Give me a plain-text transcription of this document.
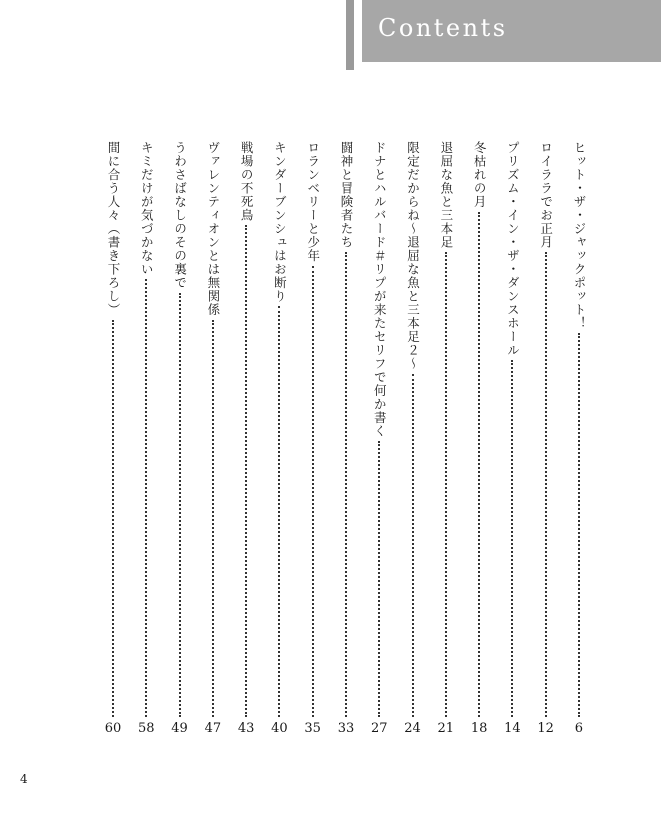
Contents
ヒット・ザ・ジャックポット！
6
ロイララでお正月
12
プリズム・イン・ザ・ダンスホール
14
冬枯れの月
18
退屈な魚と三本足
21
限定だからね～退屈な魚と三本足２～
24
ドナとハルバード＃リプが来たセリフで何か書く
27
闘神と冒険者たち
33
ロランベリーと少年
35
キンダーブンシュはお断り
40
戦場の不死鳥
43
ヴァレンティオンとは無関係
47
うわさばなしのその裏で
49
キミだけが気づかない
58
間に合う人々（書き下ろし）
60
4
